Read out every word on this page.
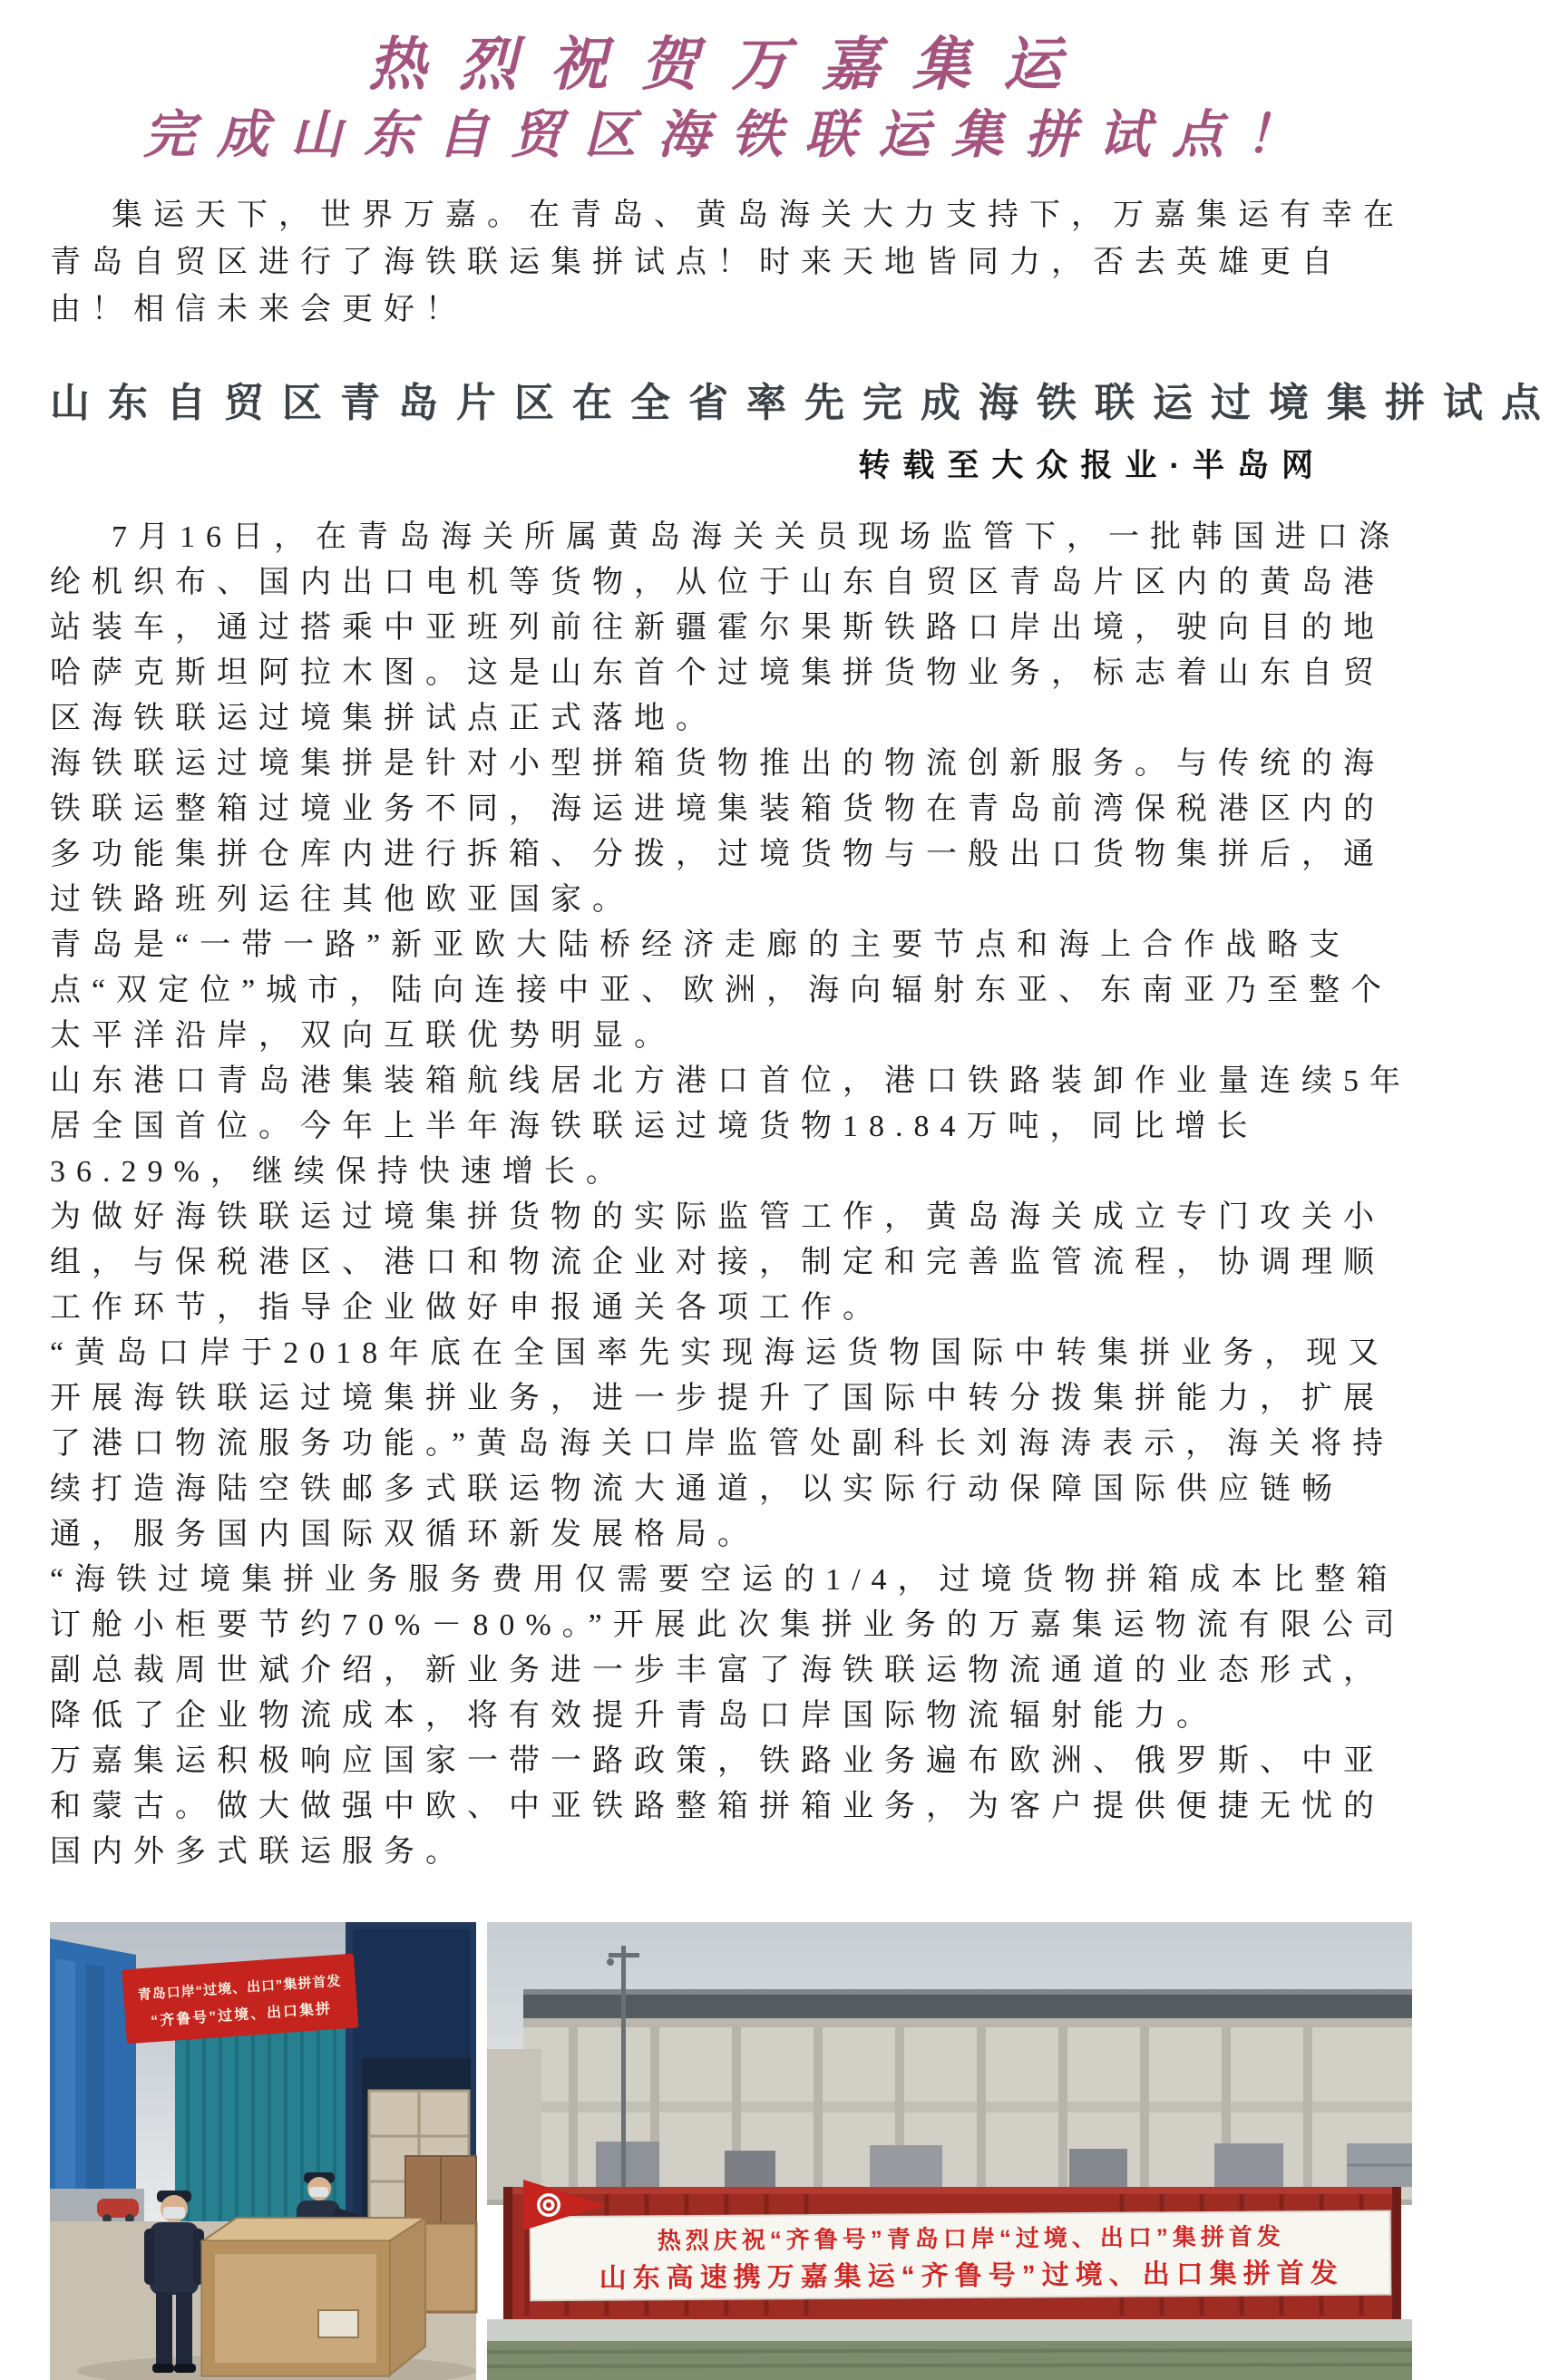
热烈祝贺万嘉集运
完成山东自贸区海铁联运集拼试点！

集运天下，世界万嘉。在青岛、黄岛海关大力支持下，万嘉集运有幸在青岛自贸区进行了海铁联运集拼试点！时来天地皆同力，否去英雄更自由！相信未来会更好！

山东自贸区青岛片区在全省率先完成海铁联运过境集拼试点
转载至大众报业·半岛网

7月16日，在青岛海关所属黄岛海关关员现场监管下，一批韩国进口涤纶机织布、国内出口电机等货物，从位于山东自贸区青岛片区内的黄岛港站装车，通过搭乘中亚班列前往新疆霍尔果斯铁路口岸出境，驶向目的地哈萨克斯坦阿拉木图。这是山东首个过境集拼货物业务，标志着山东自贸区海铁联运过境集拼试点正式落地。

海铁联运过境集拼是针对小型拼箱货物推出的物流创新服务。与传统的海铁联运整箱过境业务不同，海运进境集装箱货物在青岛前湾保税港区内的多功能集拼仓库内进行拆箱、分拨，过境货物与一般出口货物集拼后，通过铁路班列运往其他欧亚国家。

青岛是“一带一路”新亚欧大陆桥经济走廊的主要节点和海上合作战略支点“双定位”城市，陆向连接中亚、欧洲，海向辐射东亚、东南亚乃至整个太平洋沿岸，双向互联优势明显。

山东港口青岛港集装箱航线居北方港口首位，港口铁路装卸作业量连续5年居全国首位。今年上半年海铁联运过境货物18.84万吨，同比增长36.29%，继续保持快速增长。

为做好海铁联运过境集拼货物的实际监管工作，黄岛海关成立专门攻关小组，与保税港区、港口和物流企业对接，制定和完善监管流程，协调理顺工作环节，指导企业做好申报通关各项工作。

“黄岛口岸于2018年底在全国率先实现海运货物国际中转集拼业务，现又开展海铁联运过境集拼业务，进一步提升了国际中转分拨集拼能力，扩展了港口物流服务功能。”黄岛海关口岸监管处副科长刘海涛表示，海关将持续打造海陆空铁邮多式联运物流大通道，以实际行动保障国际供应链畅通，服务国内国际双循环新发展格局。

“海铁过境集拼业务服务费用仅需要空运的1/4，过境货物拼箱成本比整箱订舱小柜要节约70%－80%。”开展此次集拼业务的万嘉集运物流有限公司副总裁周世斌介绍，新业务进一步丰富了海铁联运物流通道的业态形式，降低了企业物流成本，将有效提升青岛口岸国际物流辐射能力。

万嘉集运积极响应国家一带一路政策，铁路业务遍布欧洲、俄罗斯、中亚和蒙古。做大做强中欧、中亚铁路整箱拼箱业务，为客户提供便捷无忧的国内外多式联运服务。

青岛口岸“过境、出口”集拼首发
“齐鲁号”过境、出口集拼
热烈庆祝“齐鲁号”青岛口岸“过境、出口”集拼首发
山东高速携万嘉集运“齐鲁号”过境、出口集拼首发
